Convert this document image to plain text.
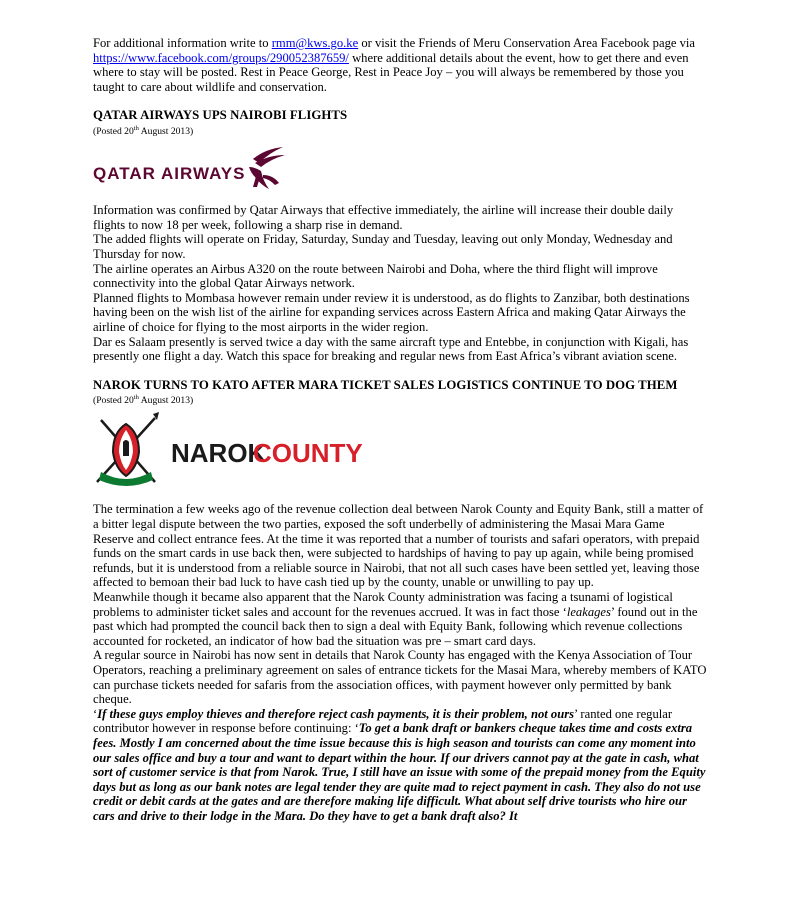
For additional information write to rmm@kws.go.ke or visit the Friends of Meru Conservation Area Facebook page via https://www.facebook.com/groups/290052387659/ where additional details about the event, how to get there and even where to stay will be posted. Rest in Peace George, Rest in Peace Joy – you will always be remembered by those you taught to care about wildlife and conservation.

QATAR AIRWAYS UPS NAIROBI FLIGHTS

(Posted 20th August 2013)

QATAR AIRWAYS

Information was confirmed by Qatar Airways that effective immediately, the airline will increase their double daily flights to now 18 per week, following a sharp rise in demand.

The added flights will operate on Friday, Saturday, Sunday and Tuesday, leaving out only Monday, Wednesday and Thursday for now.

The airline operates an Airbus A320 on the route between Nairobi and Doha, where the third flight will improve connectivity into the global Qatar Airways network.

Planned flights to Mombasa however remain under review it is understood, as do flights to Zanzibar, both destinations having been on the wish list of the airline for expanding services across Eastern Africa and making Qatar Airways the airline of choice for flying to the most airports in the wider region.

Dar es Salaam presently is served twice a day with the same aircraft type and Entebbe, in conjunction with Kigali, has presently one flight a day. Watch this space for breaking and regular news from East Africa’s vibrant aviation scene.

NAROK TURNS TO KATO AFTER MARA TICKET SALES LOGISTICS CONTINUE TO DOG THEM

(Posted 20th August 2013)

NAROK
COUNTY

The termination a few weeks ago of the revenue collection deal between Narok County and Equity Bank, still a matter of a bitter legal dispute between the two parties, exposed the soft underbelly of administering the Masai Mara Game Reserve and collect entrance fees. At the time it was reported that a number of tourists and safari operators, with prepaid funds on the smart cards in use back then, were subjected to hardships of having to pay up again, while being promised refunds, but it is understood from a reliable source in Nairobi, that not all such cases have been settled yet, leaving those affected to bemoan their bad luck to have cash tied up by the county, unable or unwilling to pay up.

Meanwhile though it became also apparent that the Narok County administration was facing a tsunami of logistical problems to administer ticket sales and account for the revenues accrued. It was in fact those ‘leakages’ found out in the past which had prompted the council back then to sign a deal with Equity Bank, following which revenue collections accounted for rocketed, an indicator of how bad the situation was pre – smart card days.

A regular source in Nairobi has now sent in details that Narok County has engaged with the Kenya Association of Tour Operators, reaching a preliminary agreement on sales of entrance tickets for the Masai Mara, whereby members of KATO can purchase tickets needed for safaris from the association offices, with payment however only permitted by bank cheque.

‘If these guys employ thieves and therefore reject cash payments, it is their problem, not ours’ ranted one regular contributor however in response before continuing: ‘To get a bank draft or bankers cheque takes time and costs extra fees. Mostly I am concerned about the time issue because this is high season and tourists can come any moment into our sales office and buy a tour and want to depart within the hour. If our drivers cannot pay at the gate in cash, what sort of customer service is that from Narok. True, I still have an issue with some of the prepaid money from the Equity days but as long as our bank notes are legal tender they are quite mad to reject payment in cash. They also do not use credit or debit cards at the gates and are therefore making life difficult. What about self drive tourists who hire our cars and drive to their lodge in the Mara. Do they have to get a bank draft also? It
